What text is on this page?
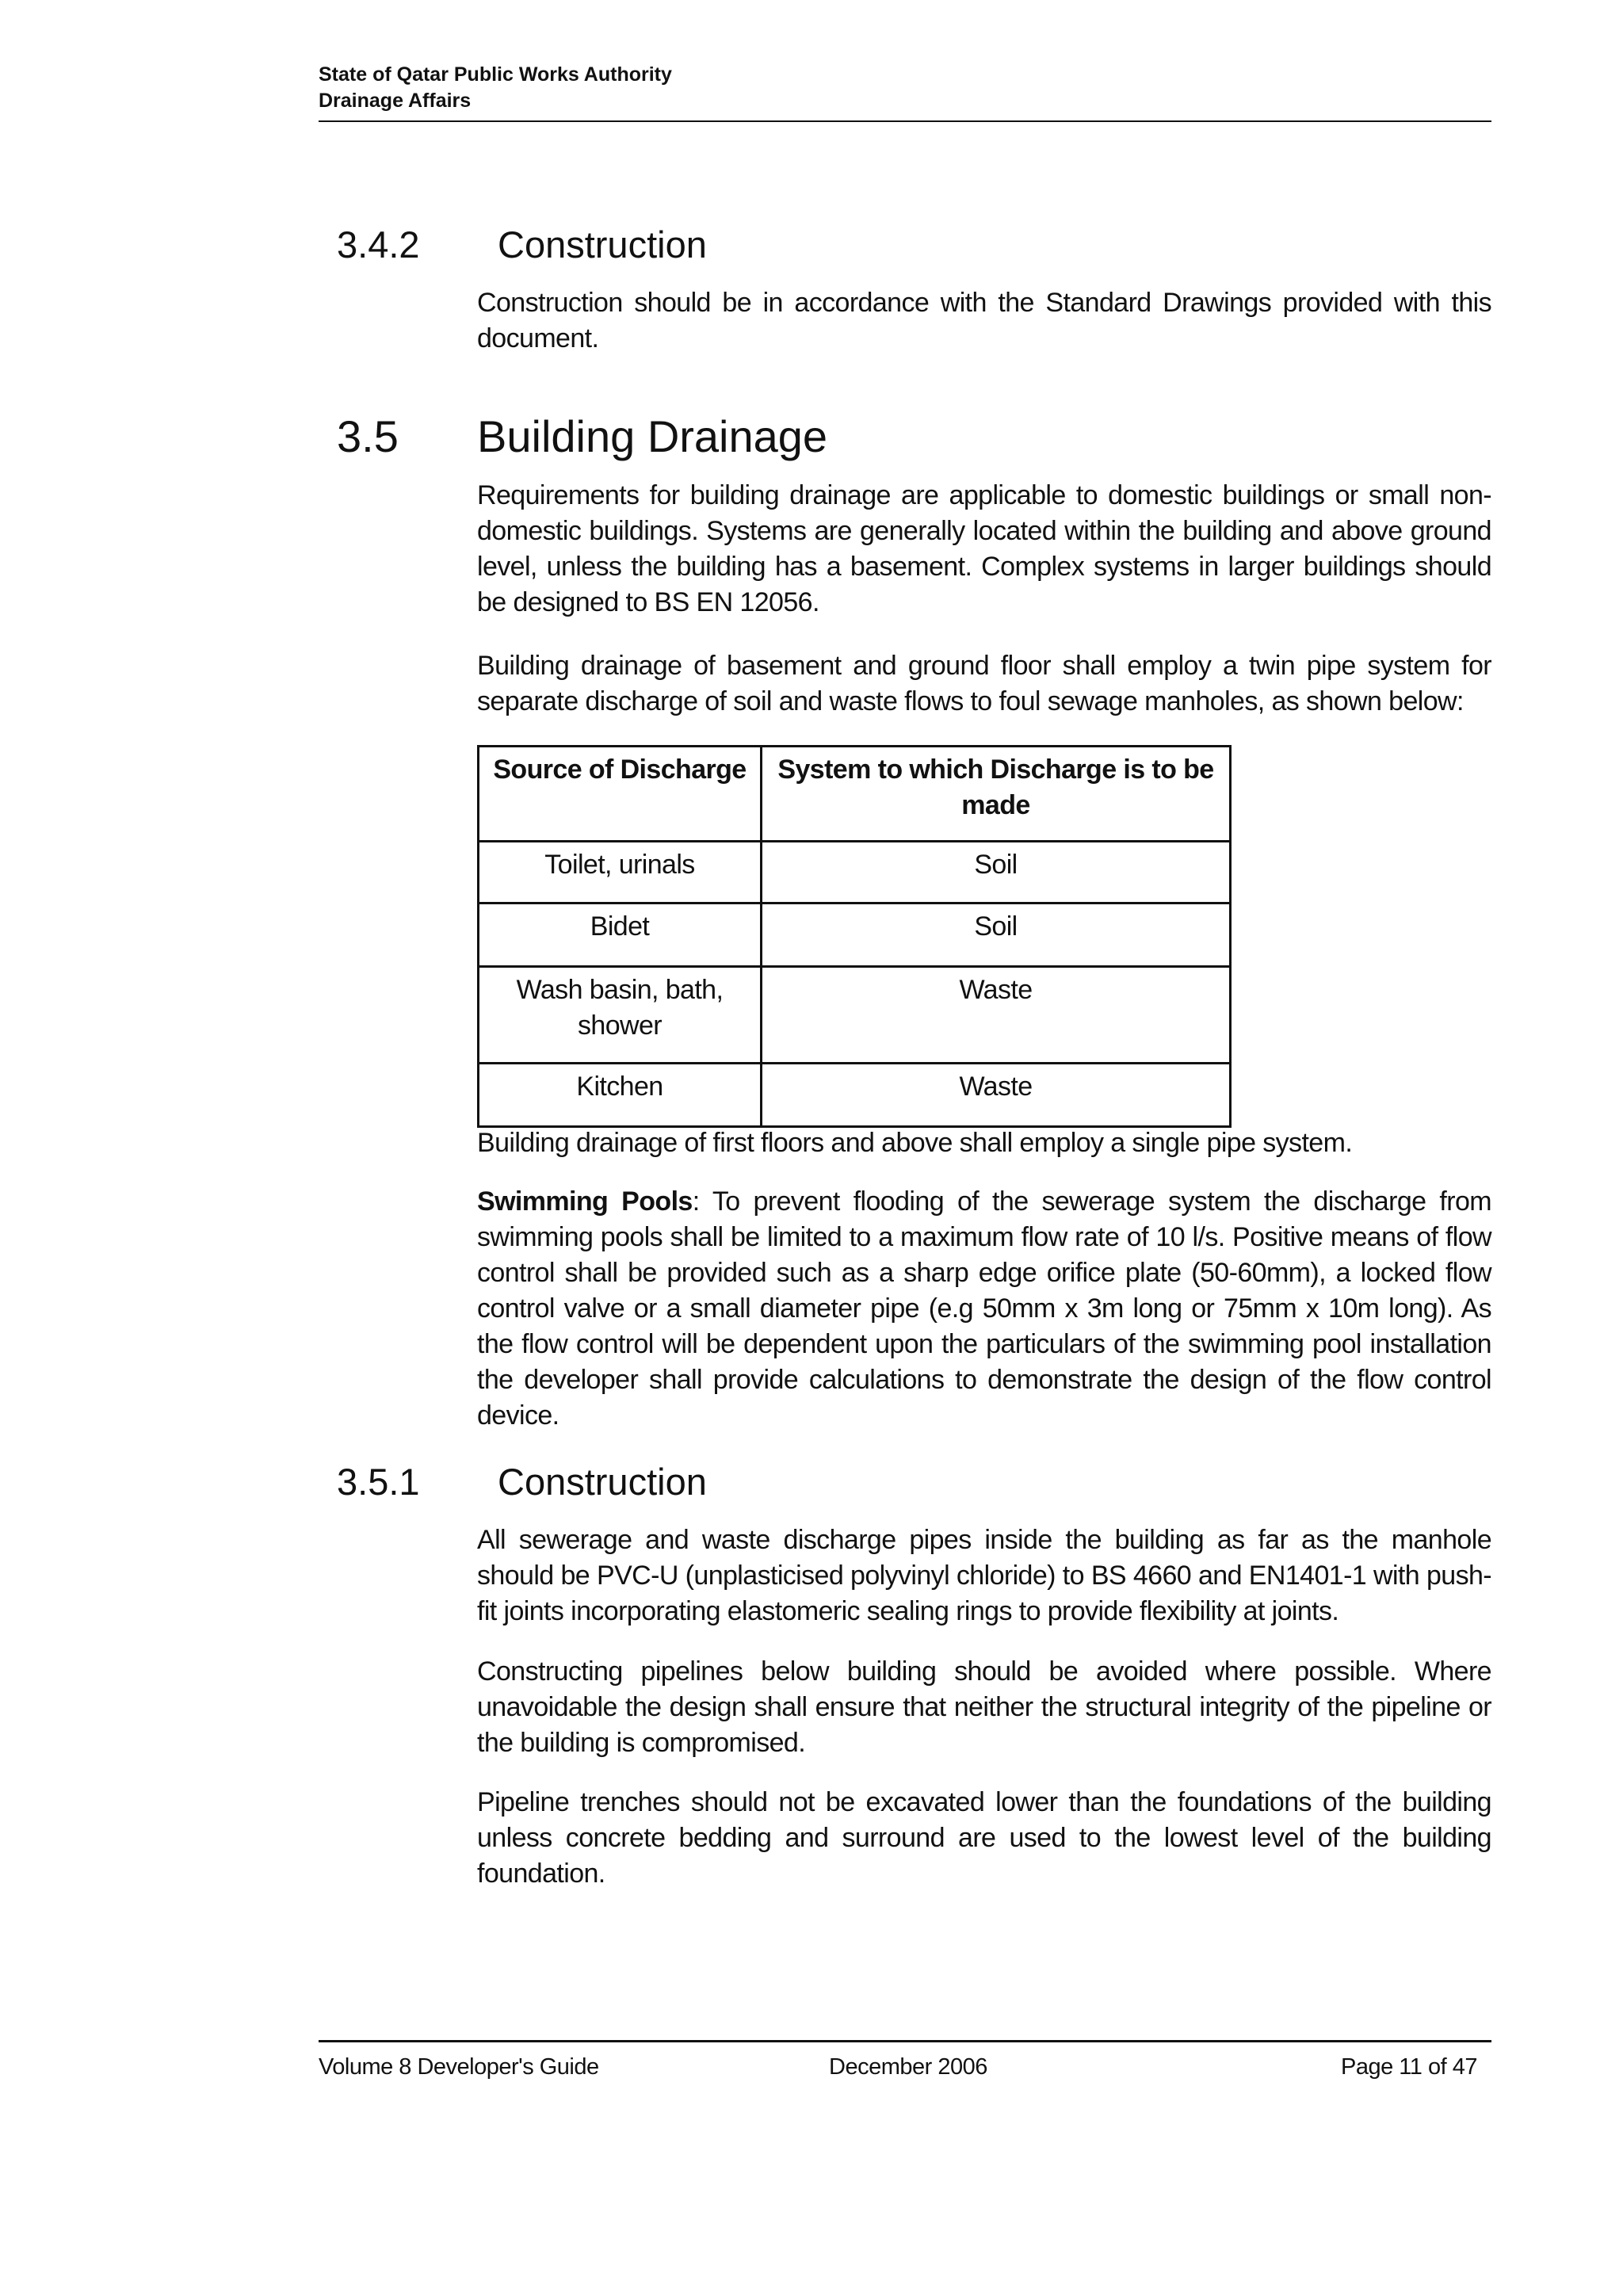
State of Qatar Public Works Authority
Drainage Affairs
3.4.2 Construction
Construction should be in accordance with the Standard Drawings provided with this document.
3.5 Building Drainage
Requirements for building drainage are applicable to domestic buildings or small non-domestic buildings. Systems are generally located within the building and above ground level, unless the building has a basement. Complex systems in larger buildings should be designed to BS EN 12056.
Building drainage of basement and ground floor shall employ a twin pipe system for separate discharge of soil and waste flows to foul sewage manholes, as shown below:
Source of Discharge	System to which Discharge is to be made
Toilet, urinals	Soil
Bidet	Soil
Wash basin, bath, shower	Waste
Kitchen	Waste
Building drainage of first floors and above shall employ a single pipe system.
Swimming Pools: To prevent flooding of the sewerage system the discharge from swimming pools shall be limited to a maximum flow rate of 10 l/s. Positive means of flow control shall be provided such as a sharp edge orifice plate (50-60mm), a locked flow control valve or a small diameter pipe (e.g 50mm x 3m long or 75mm x 10m long). As the flow control will be dependent upon the particulars of the swimming pool installation the developer shall provide calculations to demonstrate the design of the flow control device.
3.5.1 Construction
All sewerage and waste discharge pipes inside the building as far as the manhole should be PVC-U (unplasticised polyvinyl chloride) to BS 4660 and EN1401-1 with push-fit joints incorporating elastomeric sealing rings to provide flexibility at joints.
Constructing pipelines below building should be avoided where possible. Where unavoidable the design shall ensure that neither the structural integrity of the pipeline or the building is compromised.
Pipeline trenches should not be excavated lower than the foundations of the building unless concrete bedding and surround are used to the lowest level of the building foundation.
Volume 8 Developer's Guide	December 2006	Page 11 of 47
